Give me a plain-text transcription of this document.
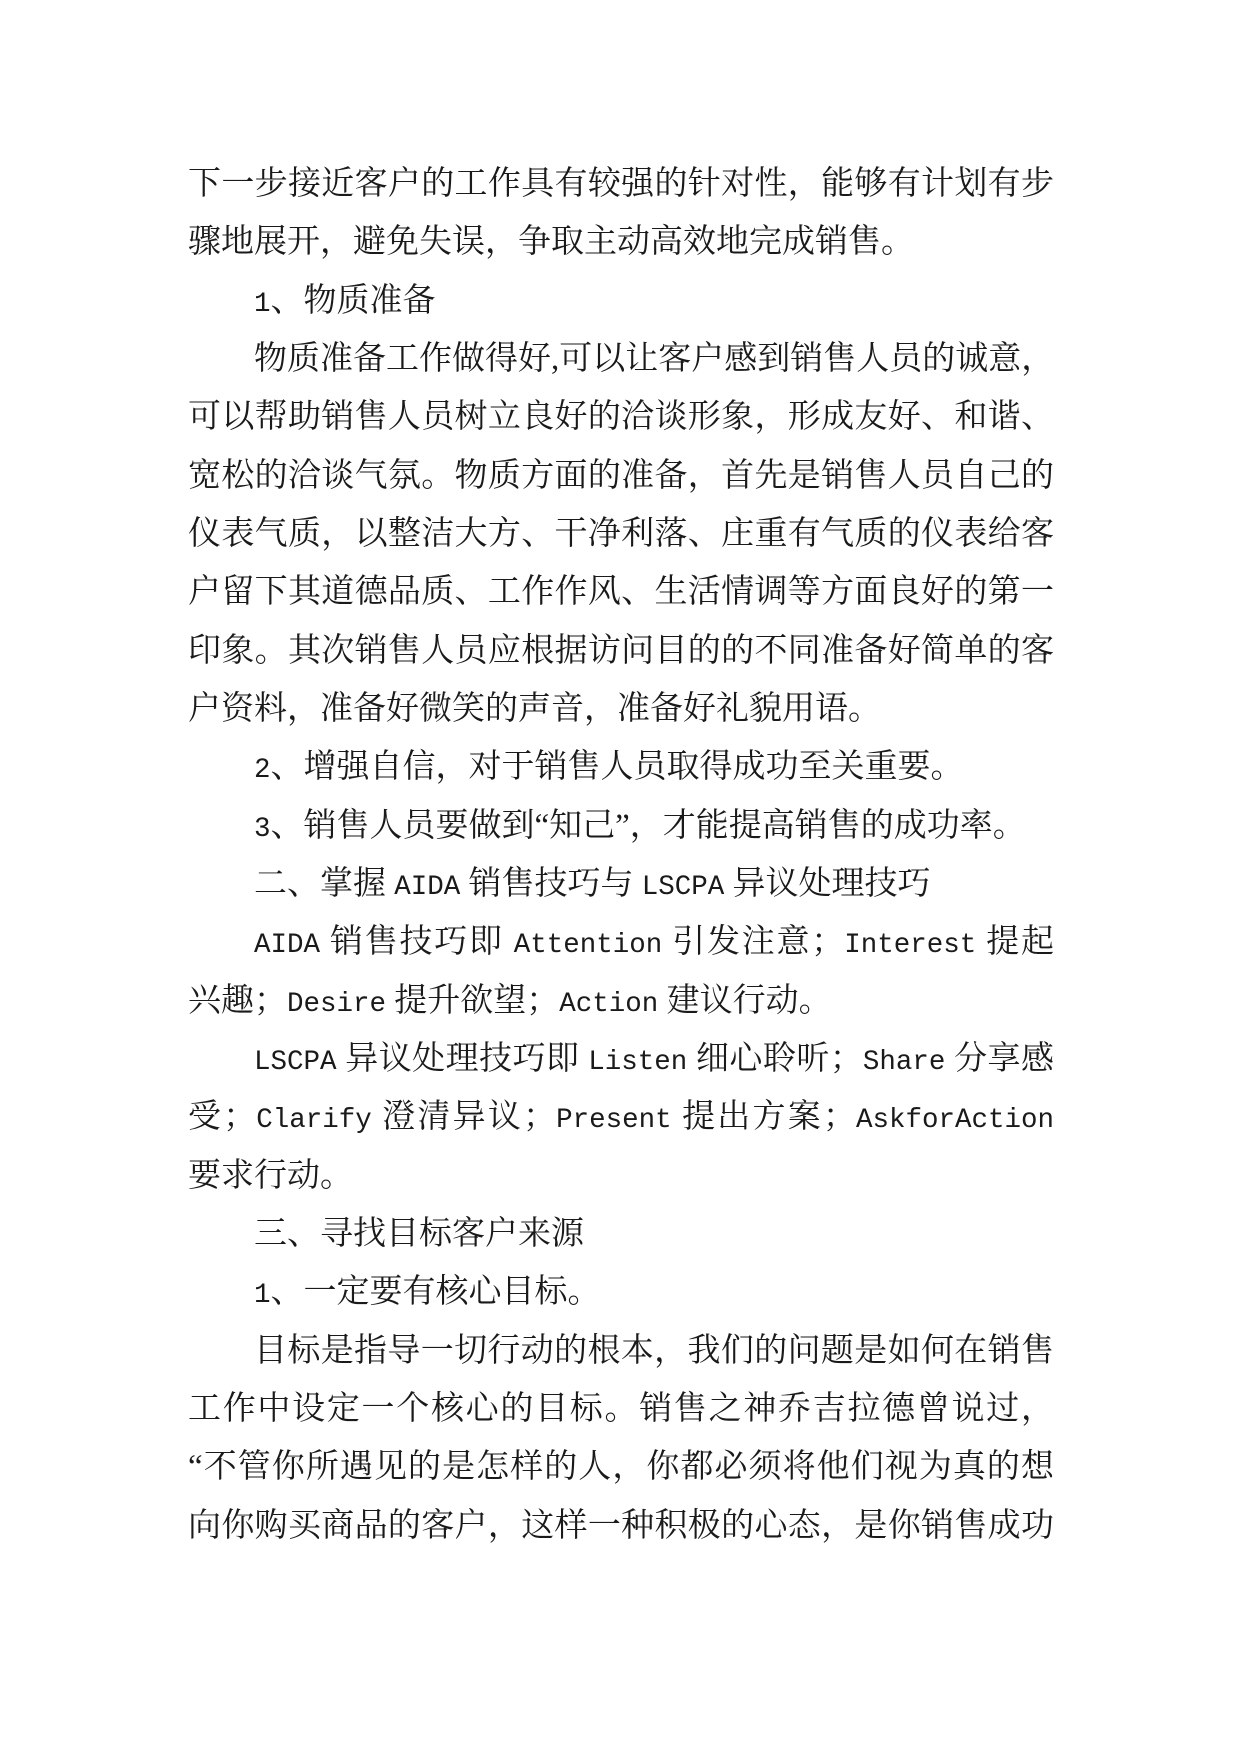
下一步接近客户的工作具有较强的针对性，能够有计划有步
骤地展开，避免失误，争取主动高效地完成销售。
1、物质准备
物质准备工作做得好,可以让客户感到销售人员的诚意，
可以帮助销售人员树立良好的洽谈形象，形成友好、和谐、
宽松的洽谈气氛。物质方面的准备，首先是销售人员自己的
仪表气质，以整洁大方、干净利落、庄重有气质的仪表给客
户留下其道德品质、工作作风、生活情调等方面良好的第一
印象。其次销售人员应根据访问目的的不同准备好简单的客
户资料，准备好微笑的声音，准备好礼貌用语。
2、增强自信，对于销售人员取得成功至关重要。
3、销售人员要做到“知己”，才能提高销售的成功率。
二、掌握 AIDA 销售技巧与 LSCPA 异议处理技巧
AIDA 销售技巧即 Attention 引发注意；Interest 提起
兴趣；Desire 提升欲望；Action 建议行动。
LSCPA 异议处理技巧即 Listen 细心聆听；Share 分享感
受；Clarify 澄清异议；Present 提出方案；AskforAction
要求行动。
三、寻找目标客户来源
1、一定要有核心目标。
目标是指导一切行动的根本，我们的问题是如何在销售
工作中设定一个核心的目标。销售之神乔吉拉德曾说过，
“不管你所遇见的是怎样的人，你都必须将他们视为真的想
向你购买商品的客户，这样一种积极的心态，是你销售成功
